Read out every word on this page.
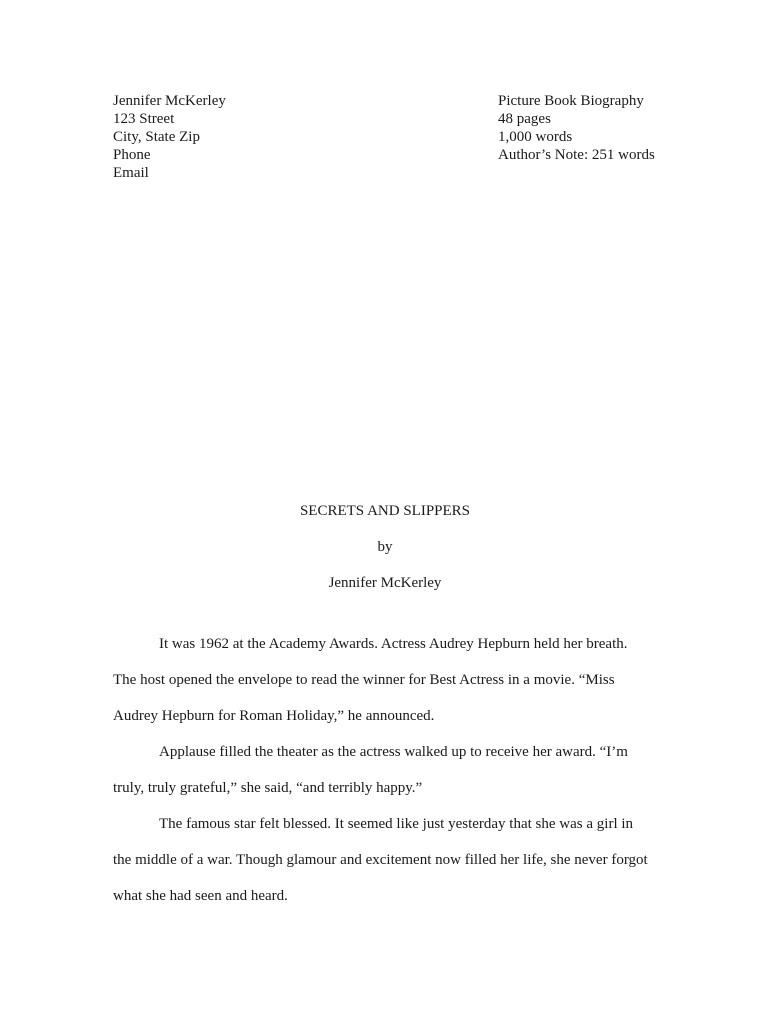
Jennifer McKerley
123 Street
City, State Zip
Phone
Email
Picture Book Biography
48 pages
1,000 words
Author’s Note: 251 words
SECRETS AND SLIPPERS
by
Jennifer McKerley

It was 1962 at the Academy Awards. Actress Audrey Hepburn held her breath.
The host opened the envelope to read the winner for Best Actress in a movie. “Miss
Audrey Hepburn for Roman Holiday,” he announced.

Applause filled the theater as the actress walked up to receive her award. “I’m
truly, truly grateful,” she said, “and terribly happy.”

The famous star felt blessed. It seemed like just yesterday that she was a girl in
the middle of a war. Though glamour and excitement now filled her life, she never forgot
what she had seen and heard.
